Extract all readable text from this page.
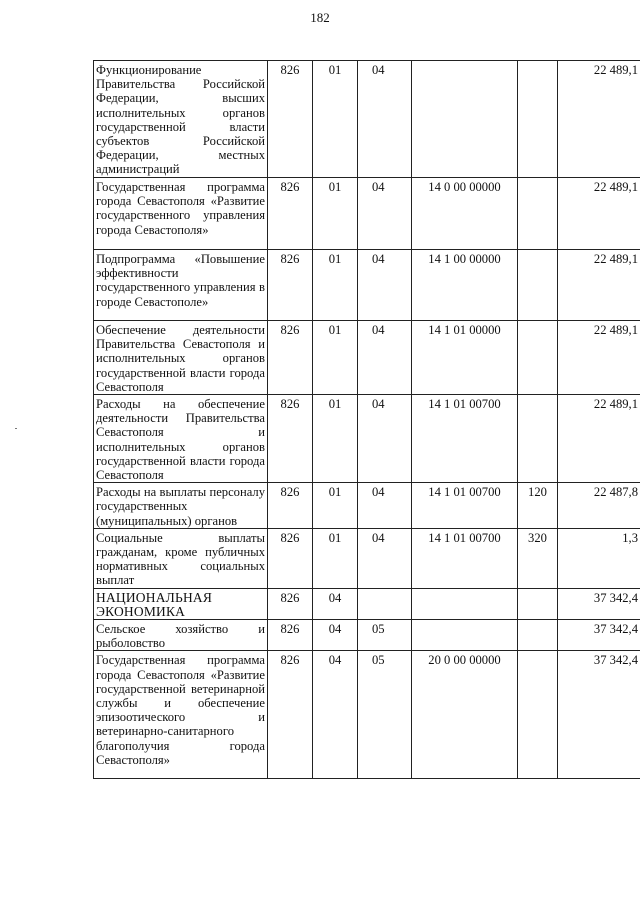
182
Функционирование Правительства Российской Федерации, высших исполнительных органов государственной власти субъектов Российской Федерации, местных администраций	826	01	04			22 489,1
Государственная программа города Севастополя «Развитие государственного управления города Севастополя»	826	01	04	14 0 00 00000		22 489,1
Подпрограмма «Повышение эффективности государственного управления в городе Севастополе»	826	01	04	14 1 00 00000		22 489,1
Обеспечение деятельности Правительства Севастополя и исполнительных органов государственной власти города Севастополя	826	01	04	14 1 01 00000		22 489,1
Расходы на обеспечение деятельности Правительства Севастополя и исполнительных органов государственной власти города Севастополя	826	01	04	14 1 01 00700		22 489,1
Расходы на выплаты персоналу государственных (муниципальных) органов	826	01	04	14 1 01 00700	120	22 487,8
Социальные выплаты гражданам, кроме публичных нормативных социальных выплат	826	01	04	14 1 01 00700	320	1,3
НАЦИОНАЛЬНАЯ ЭКОНОМИКА	826	04				37 342,4
Сельское хозяйство и рыболовство	826	04	05			37 342,4
Государственная программа города Севастополя «Развитие государственной ветеринарной службы и обеспечение эпизоотического и ветеринарно-санитарного благополучия города Севастополя»	826	04	05	20 0 00 00000		37 342,4
